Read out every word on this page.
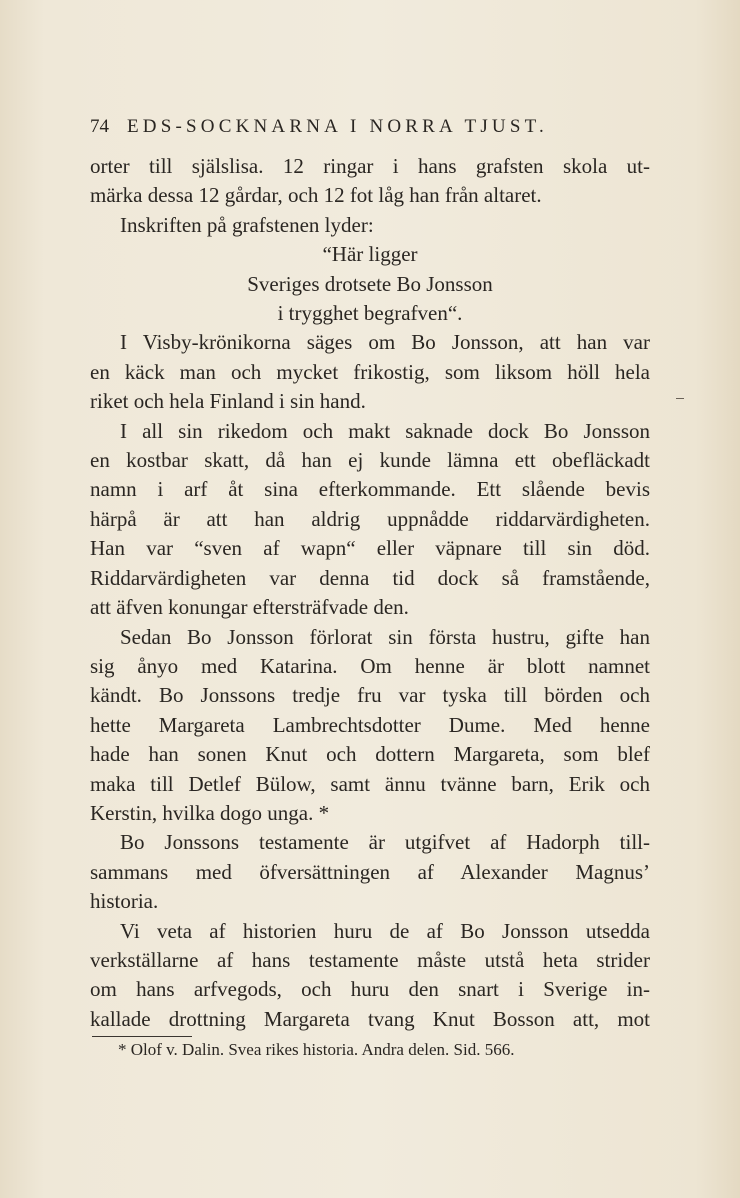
74 EDS-SOCKNARNA I NORRA TJUST.

orter till själslisa. 12 ringar i hans grafsten skola ut-

märka dessa 12 gårdar, och 12 fot låg han från altaret.

Inskriften på grafstenen lyder:

“Här ligger

Sveriges drotsete Bo Jonsson

i trygghet begrafven“.

I Visby-krönikorna säges om Bo Jonsson, att han var

en käck man och mycket frikostig, som liksom höll hela

riket och hela Finland i sin hand.

I all sin rikedom och makt saknade dock Bo Jonsson

en kostbar skatt, då han ej kunde lämna ett obefläckadt

namn i arf åt sina efterkommande. Ett slående bevis

härpå är att han aldrig uppnådde riddarvärdigheten.

Han var “sven af wapn“ eller väpnare till sin död.

Riddarvärdigheten var denna tid dock så framstående,

att äfven konungar eftersträfvade den.

Sedan Bo Jonsson förlorat sin första hustru, gifte han

sig ånyo med Katarina. Om henne är blott namnet

kändt. Bo Jonssons tredje fru var tyska till börden och

hette Margareta Lambrechtsdotter Dume. Med henne

hade han sonen Knut och dottern Margareta, som blef

maka till Detlef Bülow, samt ännu tvänne barn, Erik och

Kerstin, hvilka dogo unga. *

Bo Jonssons testamente är utgifvet af Hadorph till-

sammans med öfversättningen af Alexander Magnus’

historia.

Vi veta af historien huru de af Bo Jonsson utsedda

verkställarne af hans testamente måste utstå heta strider

om hans arfvegods, och huru den snart i Sverige in-

kallade drottning Margareta tvang Knut Bosson att, mot

* Olof v. Dalin. Svea rikes historia. Andra delen. Sid. 566.
